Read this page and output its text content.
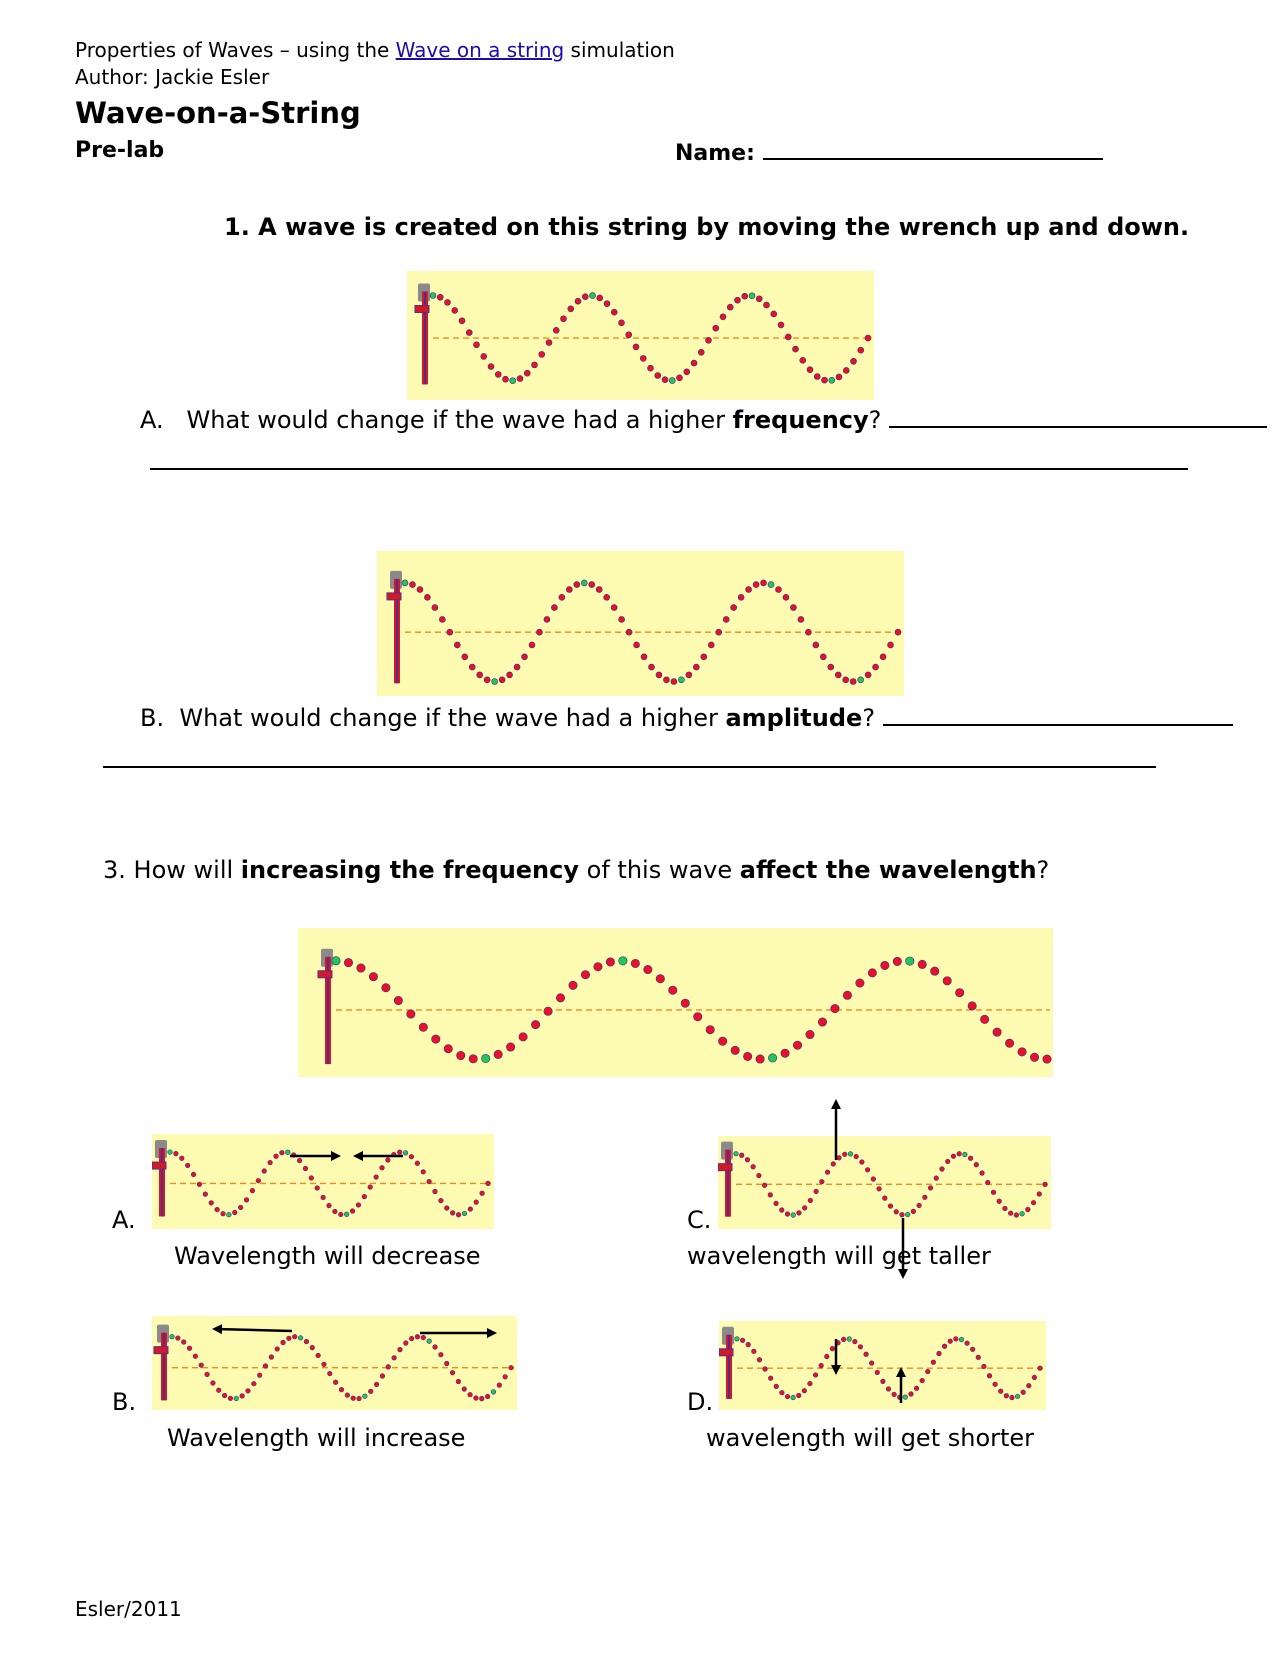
Properties of Waves – using the Wave on a string simulation
Author: Jackie Esler
Wave-on-a-String
Pre-lab	Name:
1. A wave is created on this string by moving the wrench up and down.
A. What would change if the wave had a higher frequency?
B. What would change if the wave had a higher amplitude?
3. How will increasing the frequency of this wave affect the wavelength?
A.
Wavelength will decrease
C.
wavelength will get taller
B.
Wavelength will increase
D.
wavelength will get shorter
Esler/2011
